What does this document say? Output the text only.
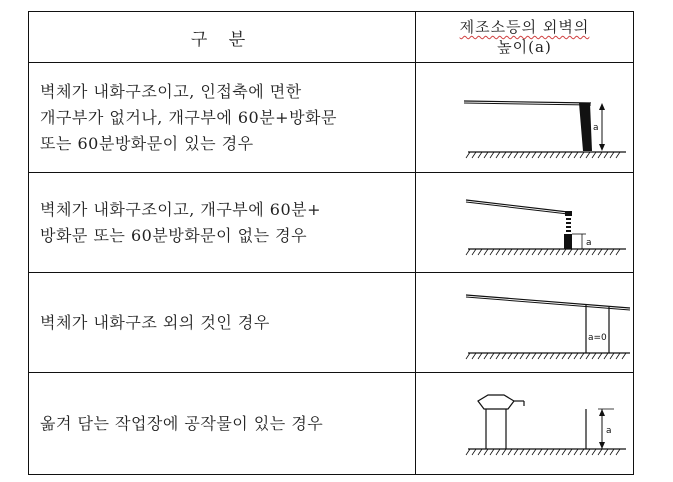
구 분
제조소등의 외벽의
높이(a)
벽체가 내화구조이고, 인접축에 면한
개구부가 없거나, 개구부에 60분+방화문
또는 60분방화문이 있는 경우
a
벽체가 내화구조이고, 개구부에 60분+
방화문 또는 60분방화문이 없는 경우	a
벽체가 내화구조 외의 것인 경우
a=0
옮겨 담는 작업장에 공작물이 있는 경우	a
